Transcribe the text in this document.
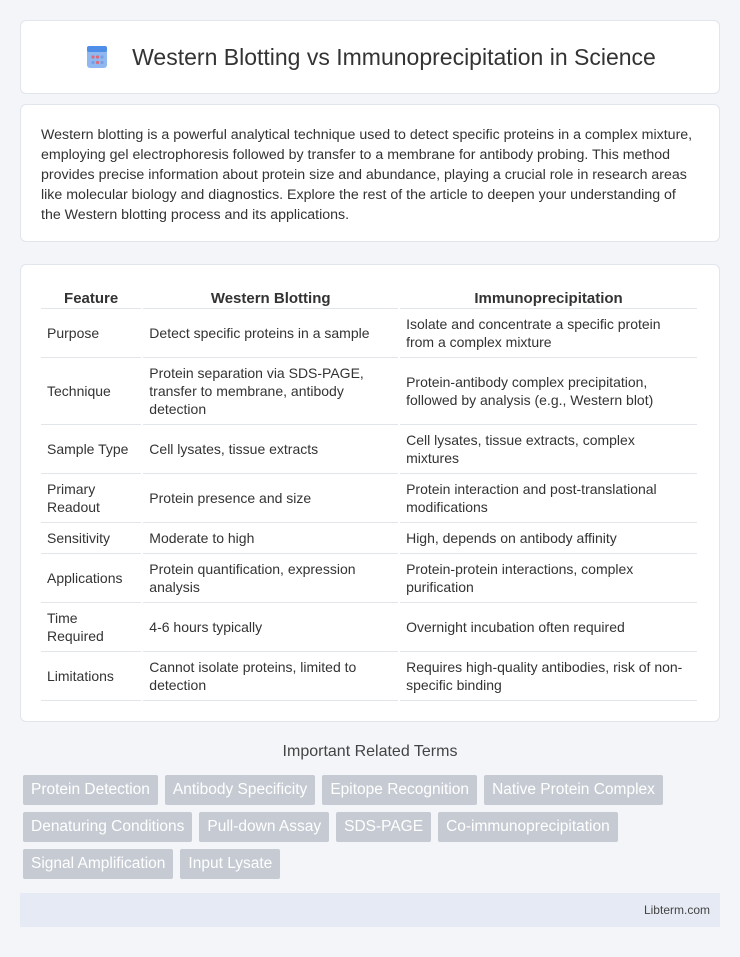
Western Blotting vs Immunoprecipitation in Science

Western blotting is a powerful analytical technique used to detect specific proteins in a complex mixture, employing gel electrophoresis followed by transfer to a membrane for antibody probing. This method provides precise information about protein size and abundance, playing a crucial role in research areas like molecular biology and diagnostics. Explore the rest of the article to deepen your understanding of the Western blotting process and its applications.

Feature	Western Blotting	Immunoprecipitation
Purpose	Detect specific proteins in a sample	Isolate and concentrate a specific protein from a complex mixture
Technique	Protein separation via SDS-PAGE, transfer to membrane, antibody detection	Protein-antibody complex precipitation, followed by analysis (e.g., Western blot)
Sample Type	Cell lysates, tissue extracts	Cell lysates, tissue extracts, complex mixtures
Primary Readout	Protein presence and size	Protein interaction and post-translational modifications
Sensitivity	Moderate to high	High, depends on antibody affinity
Applications	Protein quantification, expression analysis	Protein-protein interactions, complex purification
Time Required	4-6 hours typically	Overnight incubation often required
Limitations	Cannot isolate proteins, limited to detection	Requires high-quality antibodies, risk of non-specific binding
Important Related Terms
Protein Detection	Antibody Specificity	Epitope Recognition	Native Protein Complex
Denaturing Conditions	Pull-down Assay	SDS-PAGE	Co-immunoprecipitation
Signal Amplification	Input Lysate
Libterm.com
